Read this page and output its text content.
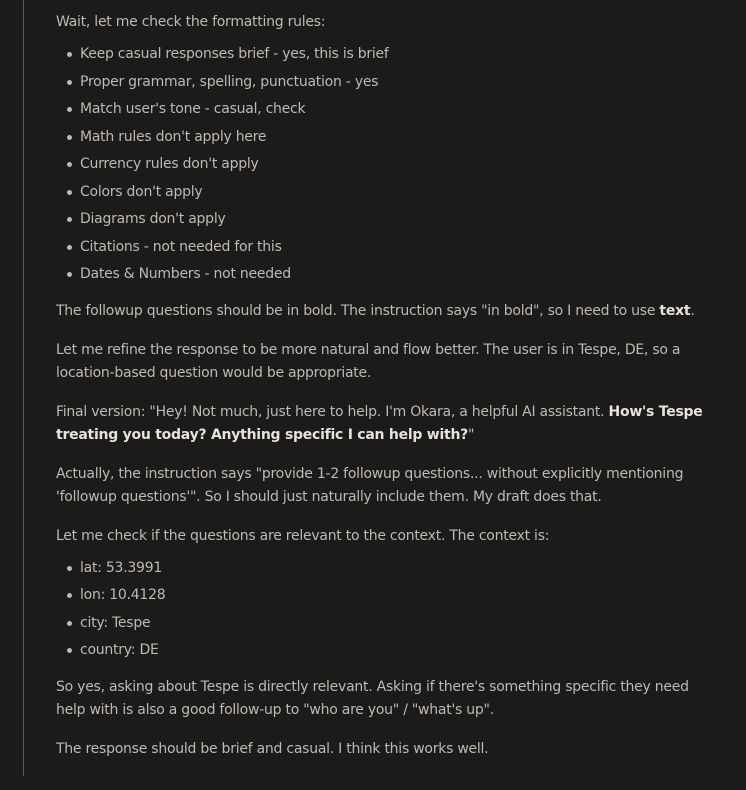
Wait, let me check the formatting rules:

Keep casual responses brief - yes, this is brief
Proper grammar, spelling, punctuation - yes
Match user's tone - casual, check
Math rules don't apply here
Currency rules don't apply
Colors don't apply
Diagrams don't apply
Citations - not needed for this
Dates & Numbers - not needed

The followup questions should be in bold. The instruction says "in bold", so I need to use text.

Let me refine the response to be more natural and flow better. The user is in Tespe, DE, so a location-based question would be appropriate.

Final version: "Hey! Not much, just here to help. I'm Okara, a helpful AI assistant. How's Tespe treating you today? Anything specific I can help with?"

Actually, the instruction says "provide 1-2 followup questions... without explicitly mentioning 'followup questions'". So I should just naturally include them. My draft does that.

Let me check if the questions are relevant to the context. The context is:

lat: 53.3991
lon: 10.4128
city: Tespe
country: DE

So yes, asking about Tespe is directly relevant. Asking if there's something specific they need help with is also a good follow-up to "who are you" / "what's up".

The response should be brief and casual. I think this works well.
